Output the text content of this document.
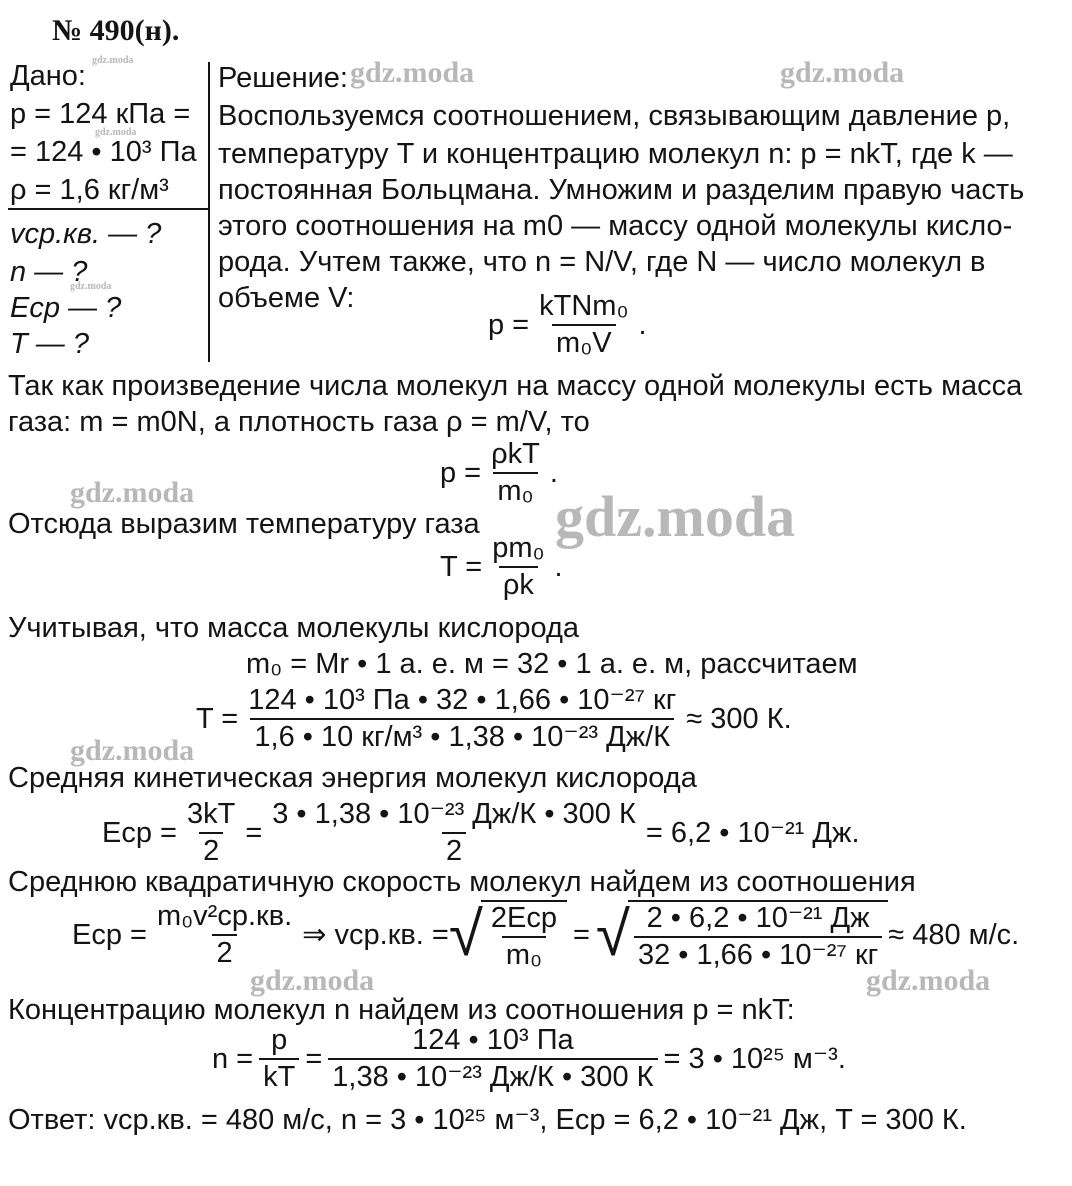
№ 490(н).
gdz.moda
Дано:
p = 124 кПа =
= 124 • 10³ Па
ρ = 1,6 кг/м³
gdz.moda
vср.кв. — ?
n — ?
Eср — ?
T — ?
gdz.moda
Решение: gdz.moda	gdz.moda
Воспользуемся соотношением, связывающим давление p,
температуру T и концентрацию молекул n: p = nkT, где k —
постоянная Больцмана. Умножим и разделим правую часть
этого соотношения на m0 — массу одной молекулы кисло-
рода. Учтем также, что n = N/V, где N — число молекул в
объеме V:
$p = \frac{\text{kTNm₀}}{\text{m₀V}}$ .
Так как произведение числа молекул на массу одной молекулы есть масса
газа: m = m0N, а плотность газа ρ = m/V, то
$p = \frac{\text{ρkT}}{\text{m₀}}$ .
gdz.moda	gdz.moda
Отсюда выразим температуру газа
$T = \frac{\text{pm₀}}{\rho k}$ .
Учитывая, что масса молекулы кислорода
m₀ = Mr • 1 а. е. м = 32 • 1 а. е. м, рассчитаем
$T = \frac{\text{124 • 10³ Па • 32 • 1,66 • 10⁻²⁷ кг}}{\text{1,6 • 10 кг/м³ • 1,38 • 10⁻²³ Дж/К}} \approx 300$ К.
gdz.moda
Средняя кинетическая энергия молекул кислорода
Eср = $\frac{3kT}{2} = \frac{\text{3 • 1,38 • 10⁻²³ Дж/К • 300 К}}{2} = 6,2$ • 10⁻²¹ Дж.
Среднюю квадратичную скорость молекул найдем из соотношения
Eср = $\frac{\text{m₀v²ср.кв.}}{2}$ ⇒ vср.кв. = √ $\frac{\text{2Eср}}{\text{m₀}}$ = √ $\frac{\text{2 • 6,2 • 10⁻²¹ Дж}}{\text{32 • 1,66 • 10⁻²⁷ кг}} \approx 480$ м/с.
gdz.moda	gdz.moda
Концентрацию молекул n найдем из соотношения p = nkT:
$n = \frac{p}{kT} = \frac{\text{124 • 10³ Па}}{\text{1,38 • 10⁻²³ Дж/К • 300 К}} = 3$ • 10²⁵ м⁻³.
Ответ: vср.кв. = 480 м/с, n = 3 • 10²⁵ м⁻³, Eср = 6,2 • 10⁻²¹ Дж, T = 300 К.
